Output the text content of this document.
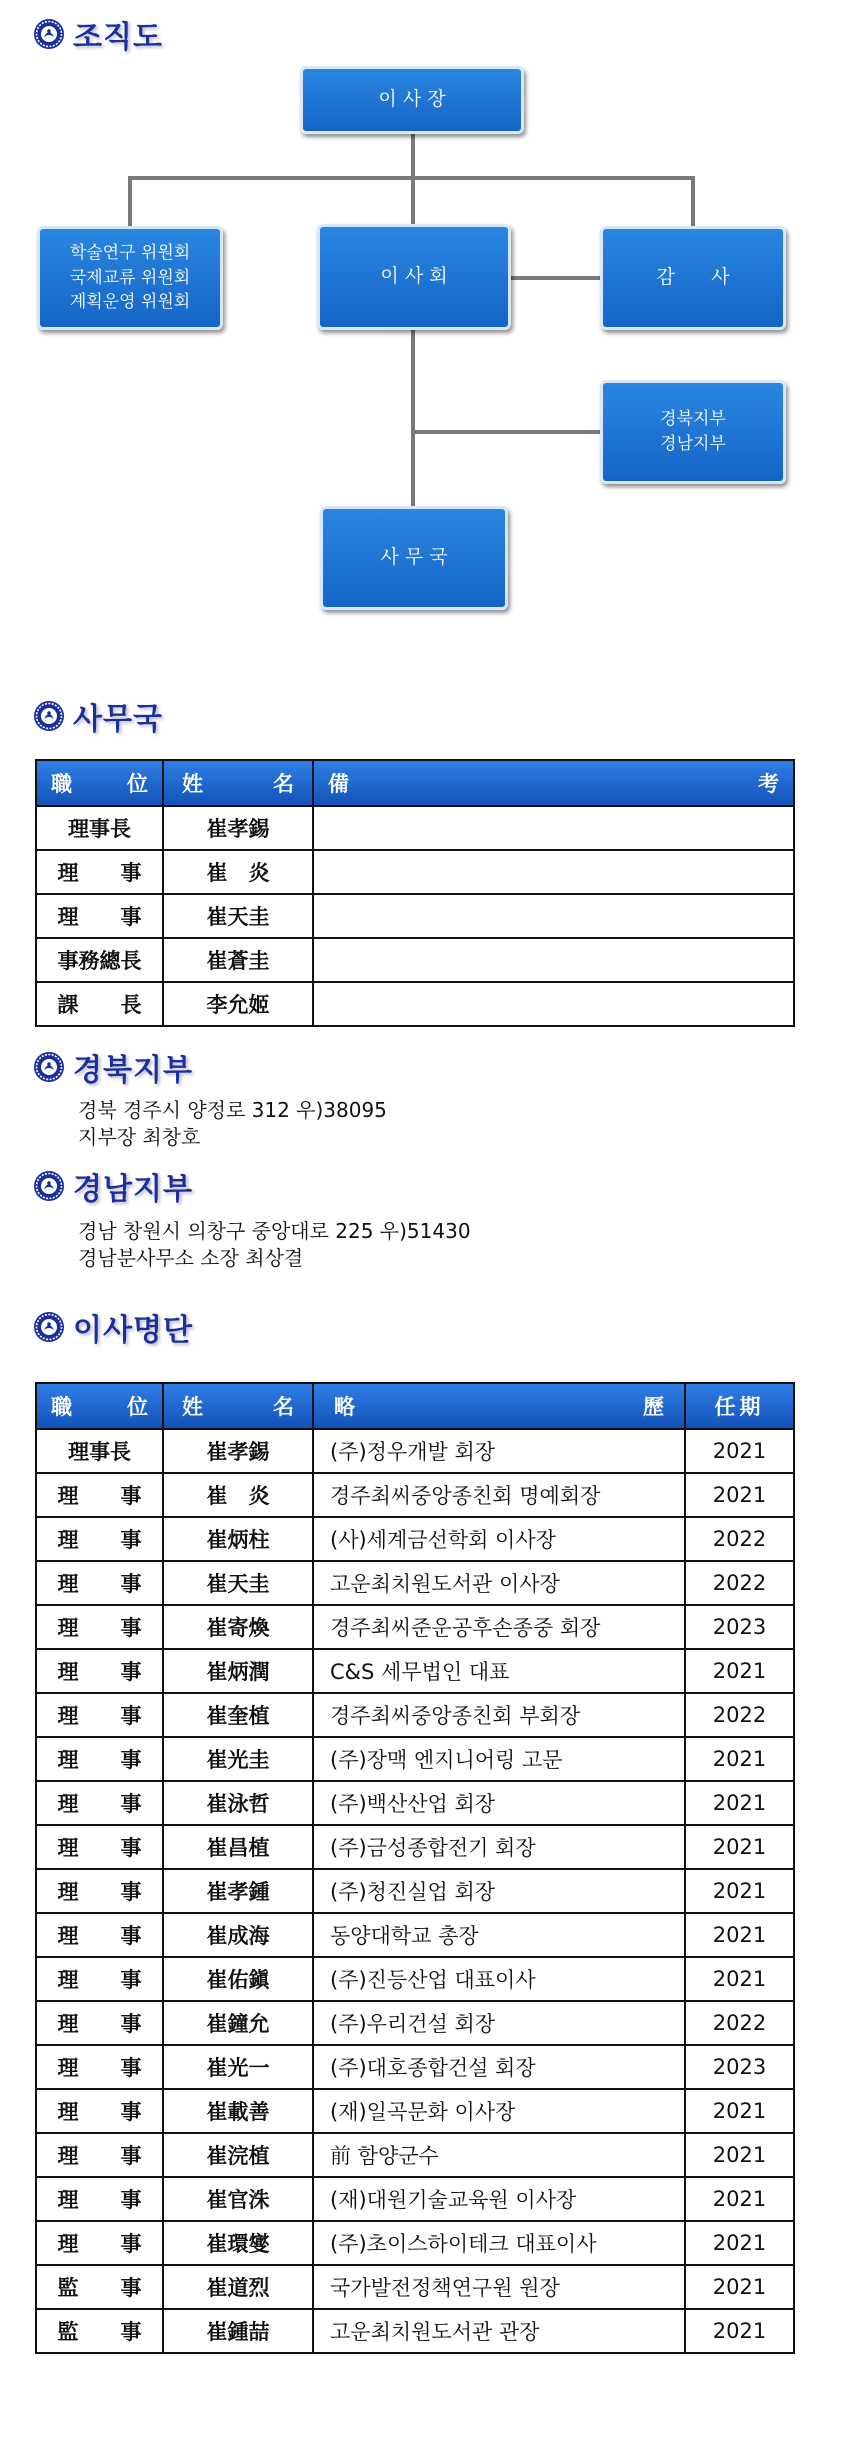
조직도
이 사 장
학술연구 위원회
국제교류 위원회
계획운영 위원회
이 사 회	감      사
경북지부
경남지부
사 무 국
사무국
職 位	姓 名	備 考

理事長	崔孝錫	
理　　事	崔　炎	
理　　事	崔天圭	
事務總長	崔蒼圭	
課　　長	李允姬	
경북지부
경북 경주시 양정로 312 우)38095
지부장 최창호
경남지부
경남 창원시 의창구 중앙대로 225 우)51430
경남분사무소 소장 최상결
이사명단
職 位	姓 名	略 歷	任期
理事長	崔孝錫	(주)정우개발 회장	2021
理　　事	崔　炎	경주최씨중앙종친회 명예회장	2021
理　　事	崔炳柱	(사)세계금선학회 이사장	2022
理　　事	崔天圭	고운최치원도서관 이사장	2022
理　　事	崔寄煥	경주최씨준운공후손종중 회장	2023
理　　事	崔炳潤	C&S 세무법인 대표	2021
理　　事	崔奎植	경주최씨중앙종친회 부회장	2022
理　　事	崔光圭	(주)장맥 엔지니어링 고문	2021
理　　事	崔泳哲	(주)백산산업 회장	2021
理　　事	崔昌植	(주)금성종합전기 회장	2021
理　　事	崔孝鍾	(주)청진실업 회장	2021
理　　事	崔成海	동양대학교 총장	2021
理　　事	崔佑鎭	(주)진등산업 대표이사	2021
理　　事	崔鐘允	(주)우리건설 회장	2022
理　　事	崔光一	(주)대호종합건설 회장	2023
理　　事	崔載善	(재)일곡문화 이사장	2021
理　　事	崔浣植	前 함양군수	2021
理　　事	崔官洙	(재)대원기술교육원 이사장	2021
理　　事	崔環燮	(주)초이스하이테크 대표이사	2021
監　　事	崔道烈	국가발전정책연구원 원장	2021
監　　事	崔鍾喆	고운최치원도서관 관장	2021
